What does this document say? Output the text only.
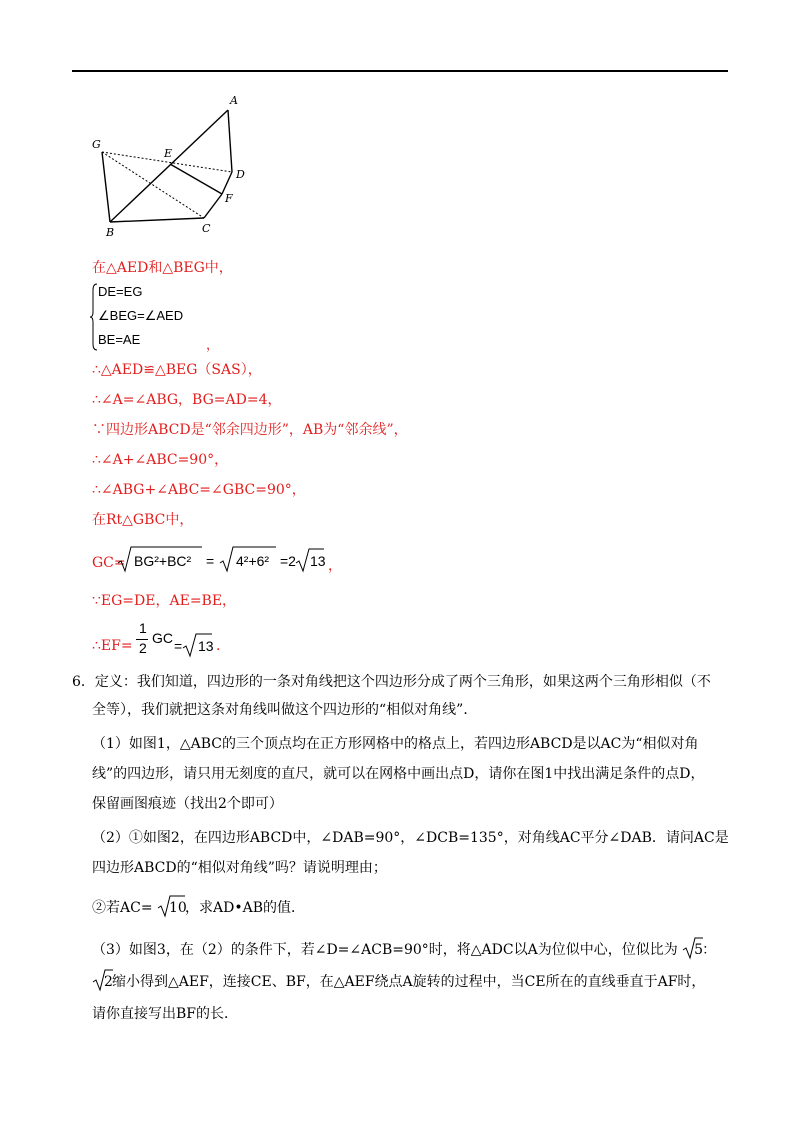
A
G
E
D
F
B	C
在△AED和△BEG中，
DE=EG
∠BEG=∠AED
BE=AE	，
∴△AED≌△BEG（SAS），
∴∠A=∠ABG，BG=AD=4，
∵四边形ABCD是“邻余四边形”，AB为“邻余线”，
∴∠A+∠ABC=90°，
∴∠ABG+∠ABC=∠GBC=90°，
在Rt△GBC中，
GC= BG²+BC² = 4²+6² =2 13 ，
∵EG=DE，AE=BE，
∴EF=
1
2
GC = 13 .
6．定义：我们知道，四边形的一条对角线把这个四边形分成了两个三角形，如果这两个三角形相似（不
全等），我们就把这条对角线叫做这个四边形的“相似对角线”．
（1）如图1，△ABC的三个顶点均在正方形网格中的格点上，若四边形ABCD是以AC为“相似对角
线”的四边形，请只用无刻度的直尺，就可以在网格中画出点D，请你在图1中找出满足条件的点D，
保留画图痕迹（找出2个即可）
（2）①如图2，在四边形ABCD中，∠DAB=90°，∠DCB=135°，对角线AC平分∠DAB．请问AC是
四边形ABCD的“相似对角线”吗？请说明理由；
②若AC= 10
，求AD•AB的值．
（3）如图3，在（2）的条件下，若∠D=∠ACB=90°时，将△ADC以A为位似中心，位似比为 5 ：
2 缩小得到△AEF，连接CE、BF，在△AEF绕点A旋转的过程中，当CE所在的直线垂直于AF时，
请你直接写出BF的长．
